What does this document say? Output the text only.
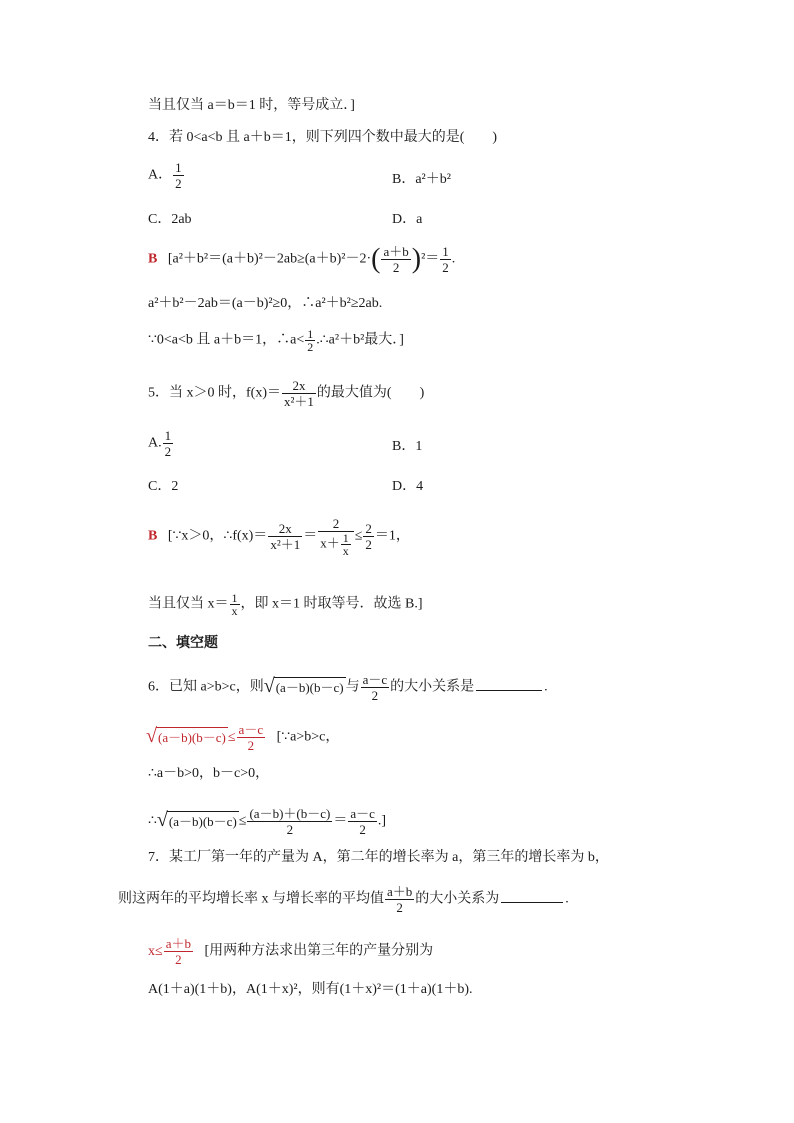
当且仅当 a＝b＝1 时，等号成立．]
4．若 0<a<b 且 a＋b＝1，则下列四个数中最大的是( )
A． $\frac{1}{2}$	B．a²＋b²
C．2ab	D．a
B [$a^2+b^2=(a+b)^2-2ab\ge(a+b)^2-2\cdot( \frac{a+b}{2} )^2= \frac{1}{2}$ .
a²＋b²－2ab＝(a－b)²≥0，∴a²＋b²≥2ab.
∵0<a<b 且 a＋b＝1，∴a< $\frac{1}{2}$ .∴a²＋b²最大．]
5．当 x＞0 时，$f(x)= \frac{2x}{\text{x²＋1}}$ 的最大值为( )
A. $\frac{1}{2}$	B．1
C．2	D．4
B [∵x＞0，∴f(x)＝ $\frac{2x}{\text{x²＋1}} = \frac{2}{x+ \frac{1}{x}} \le \frac{2}{2} =1$，
当且仅当 $x= \frac{1}{x}$ ，即 x＝1 时取等号．故选 B.]
二、填空题
6．已知 a>b>c，则 √ (a－b)(b－c) 与 $\frac{a-c}{2}$ 的大小关系是	.
√ $(a-b)(b-c) \le \frac{a-c}{2}$ [∵a>b>c，
∴a－b>0，b－c>0，
∴ √ $(a-b)(b-c) \le \frac{(a-b)+(b-c)}{2} = \frac{a-c}{2}$ .]
7．某工厂第一年的产量为 A，第二年的增长率为 a，第三年的增长率为 b，
则这两年的平均增长率 x 与增长率的平均值 $\frac{a+b}{2}$ 的大小关系为	.
$x\le \frac{a+b}{2}$ [用两种方法求出第三年的产量分别为
A(1＋a)(1＋b)，A(1＋x)²，则有(1＋x)²＝(1＋a)(1＋b).
